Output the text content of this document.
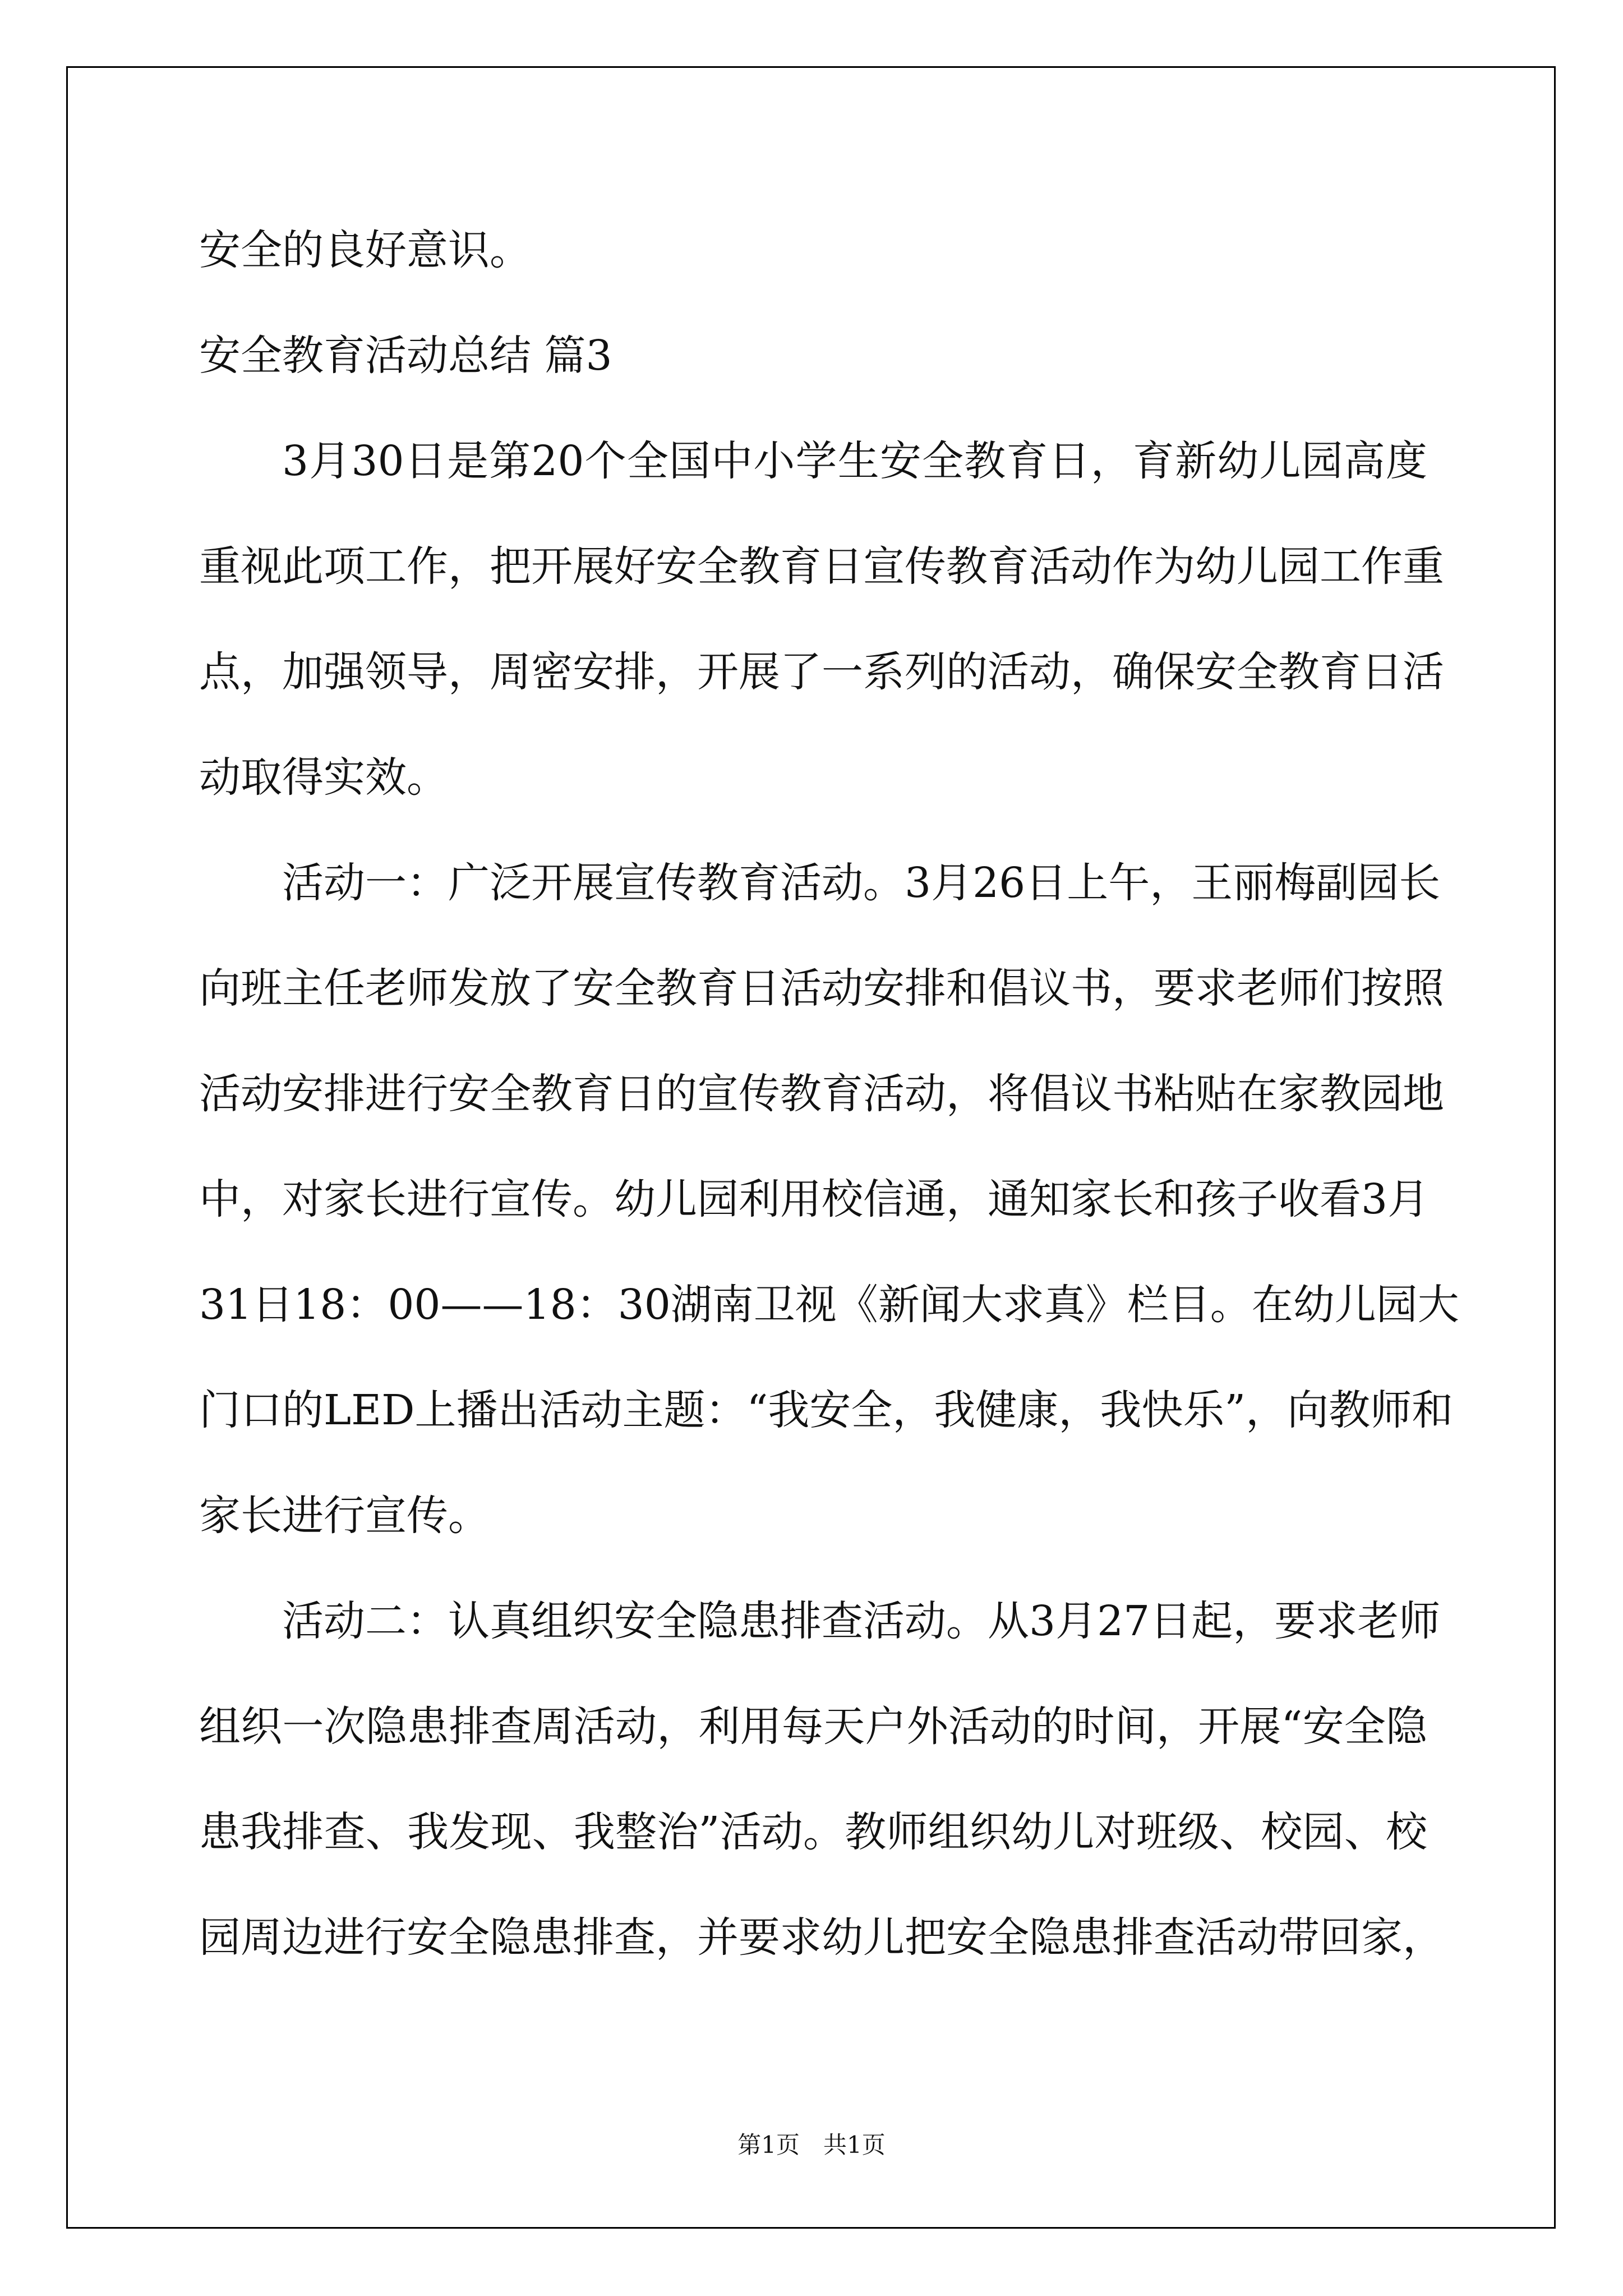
安全的良好意识。
安全教育活动总结 篇3
3月30日是第20个全国中小学生安全教育日，育新幼儿园高度
重视此项工作，把开展好安全教育日宣传教育活动作为幼儿园工作重
点，加强领导，周密安排，开展了一系列的活动，确保安全教育日活
动取得实效。
活动一：广泛开展宣传教育活动。3月26日上午，王丽梅副园长
向班主任老师发放了安全教育日活动安排和倡议书，要求老师们按照
活动安排进行安全教育日的宣传教育活动，将倡议书粘贴在家教园地
中，对家长进行宣传。幼儿园利用校信通，通知家长和孩子收看3月
31日18：00——18：30湖南卫视《新闻大求真》栏目。在幼儿园大
门口的LED上播出活动主题：“我安全，我健康，我快乐”，向教师和
家长进行宣传。
活动二：认真组织安全隐患排查活动。从3月27日起，要求老师
组织一次隐患排查周活动，利用每天户外活动的时间，开展“安全隐
患我排查、我发现、我整治”活动。教师组织幼儿对班级、校园、校
园周边进行安全隐患排查，并要求幼儿把安全隐患排查活动带回家，
第1页　共1页
